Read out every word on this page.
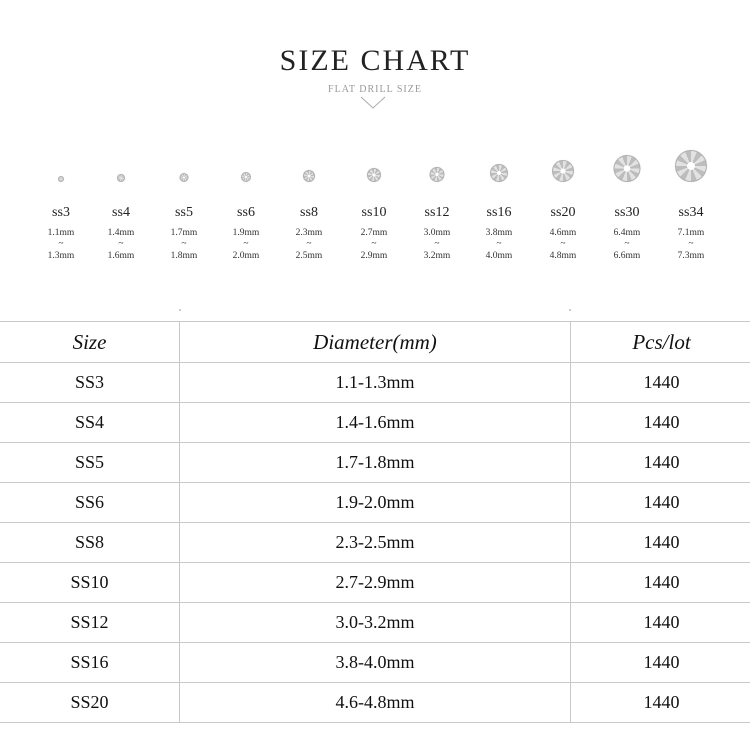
SIZE CHART
FLAT DRILL SIZE
ss3
1.1mm
~
1.3mm
ss4
1.4mm
~
1.6mm
ss5
1.7mm
~
1.8mm
ss6
1.9mm
~
2.0mm
ss8
2.3mm
~
2.5mm
ss10
2.7mm
~
2.9mm
ss12
3.0mm
~
3.2mm
ss16
3.8mm
~
4.0mm
ss20
4.6mm
~
4.8mm
ss30
6.4mm
~
6.6mm
ss34
7.1mm
~
7.3mm
Size	Diameter(mm)	Pcs/lot
SS3	1.1-1.3mm	1440
SS4	1.4-1.6mm	1440
SS5	1.7-1.8mm	1440
SS6	1.9-2.0mm	1440
SS8	2.3-2.5mm	1440
SS10	2.7-2.9mm	1440
SS12	3.0-3.2mm	1440
SS16	3.8-4.0mm	1440
SS20	4.6-4.8mm	1440
